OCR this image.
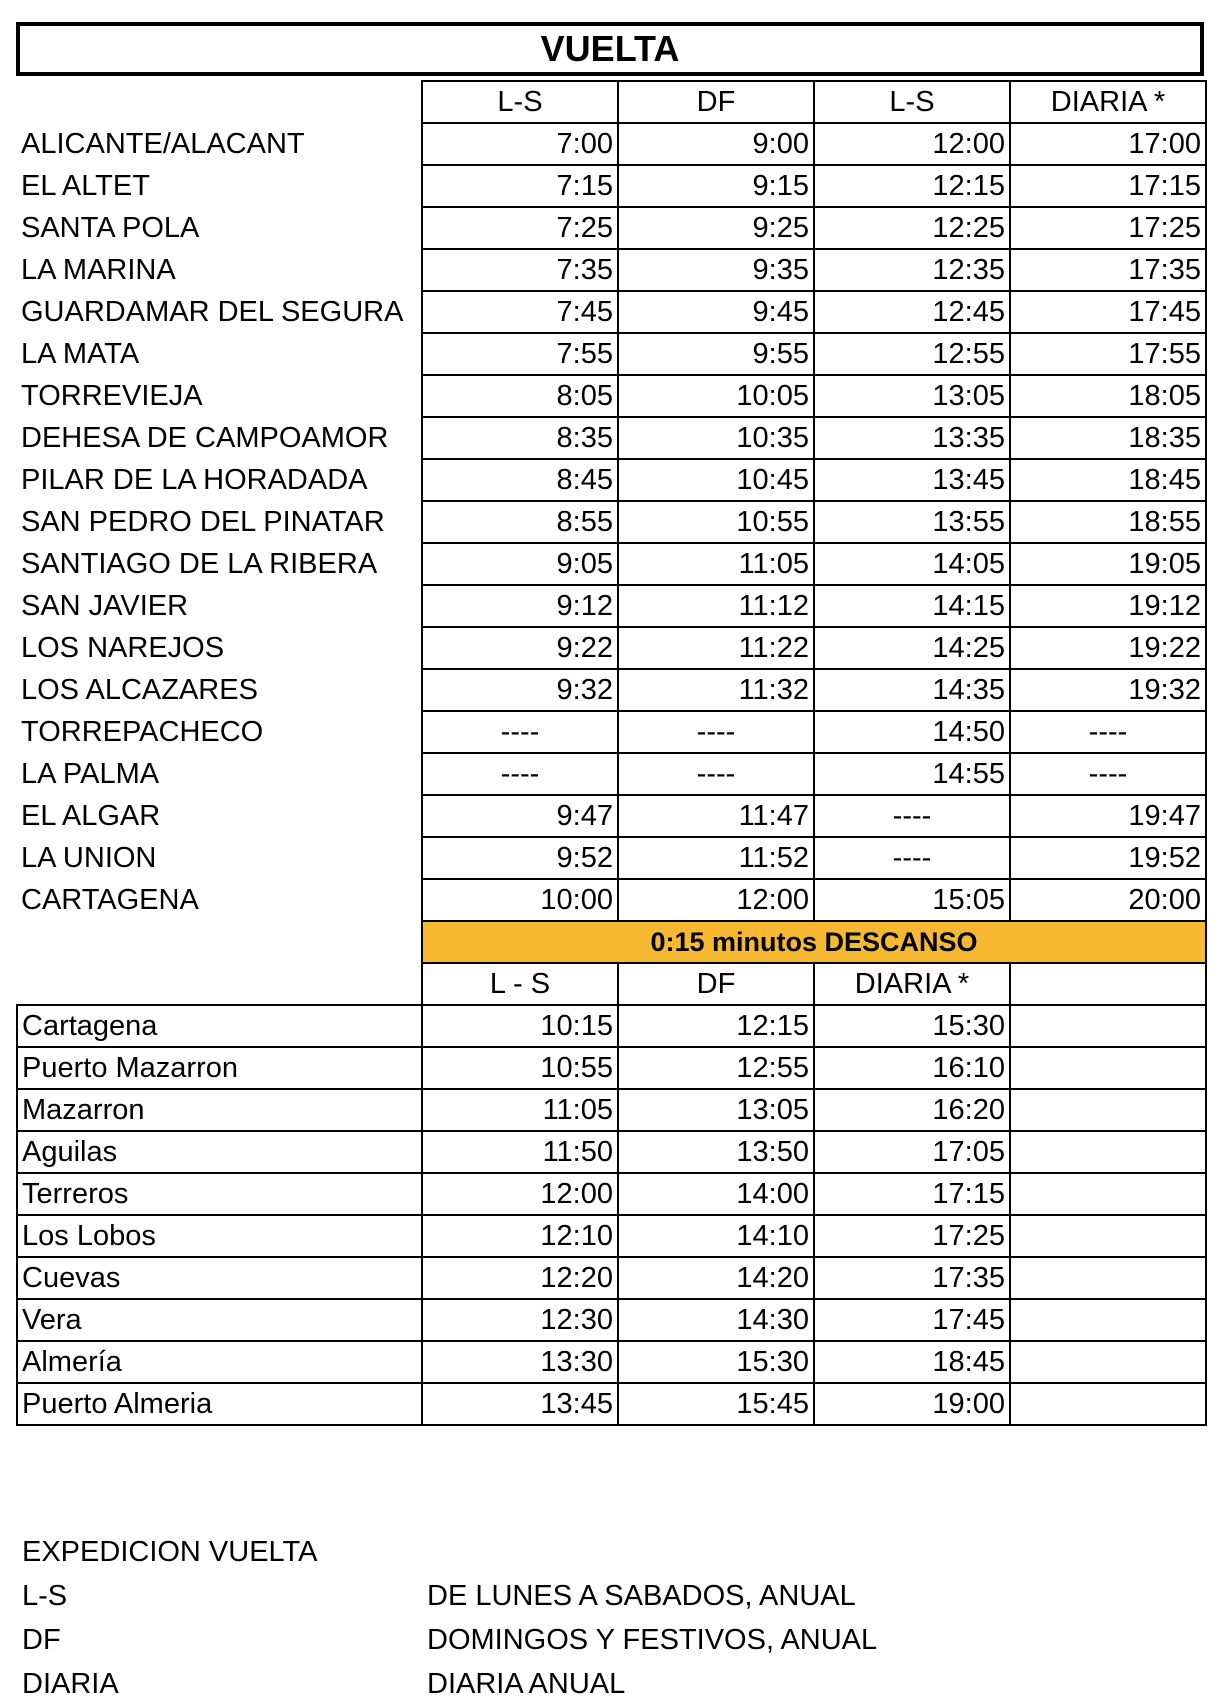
VUELTA
	L-S	DF	L-S	DIARIA *
ALICANTE/ALACANT	7:00	9:00	12:00	17:00
EL ALTET	7:15	9:15	12:15	17:15
SANTA POLA	7:25	9:25	12:25	17:25
LA MARINA	7:35	9:35	12:35	17:35
GUARDAMAR DEL SEGURA	7:45	9:45	12:45	17:45
LA MATA	7:55	9:55	12:55	17:55
TORREVIEJA	8:05	10:05	13:05	18:05
DEHESA DE CAMPOAMOR	8:35	10:35	13:35	18:35
PILAR DE LA HORADADA	8:45	10:45	13:45	18:45
SAN PEDRO DEL PINATAR	8:55	10:55	13:55	18:55
SANTIAGO DE LA RIBERA	9:05	11:05	14:05	19:05
SAN JAVIER	9:12	11:12	14:15	19:12
LOS NAREJOS	9:22	11:22	14:25	19:22
LOS ALCAZARES	9:32	11:32	14:35	19:32
TORREPACHECO	----	----	14:50	----
LA PALMA	----	----	14:55	----
EL ALGAR	9:47	11:47	----	19:47
LA UNION	9:52	11:52	----	19:52
CARTAGENA	10:00	12:00	15:05	20:00
	0:15 minutos DESCANSO			
	L - S	DF	DIARIA *	
Cartagena	10:15	12:15	15:30	
Puerto Mazarron	10:55	12:55	16:10	
Mazarron	11:05	13:05	16:20	
Aguilas	11:50	13:50	17:05	
Terreros	12:00	14:00	17:15	
Los Lobos	12:10	14:10	17:25	
Cuevas	12:20	14:20	17:35	
Vera	12:30	14:30	17:45	
Almería	13:30	15:30	18:45	
Puerto Almeria	13:45	15:45	19:00	
EXPEDICION VUELTA
L-S	DE LUNES A SABADOS, ANUAL
DF	DOMINGOS Y FESTIVOS, ANUAL
DIARIA	DIARIA ANUAL
